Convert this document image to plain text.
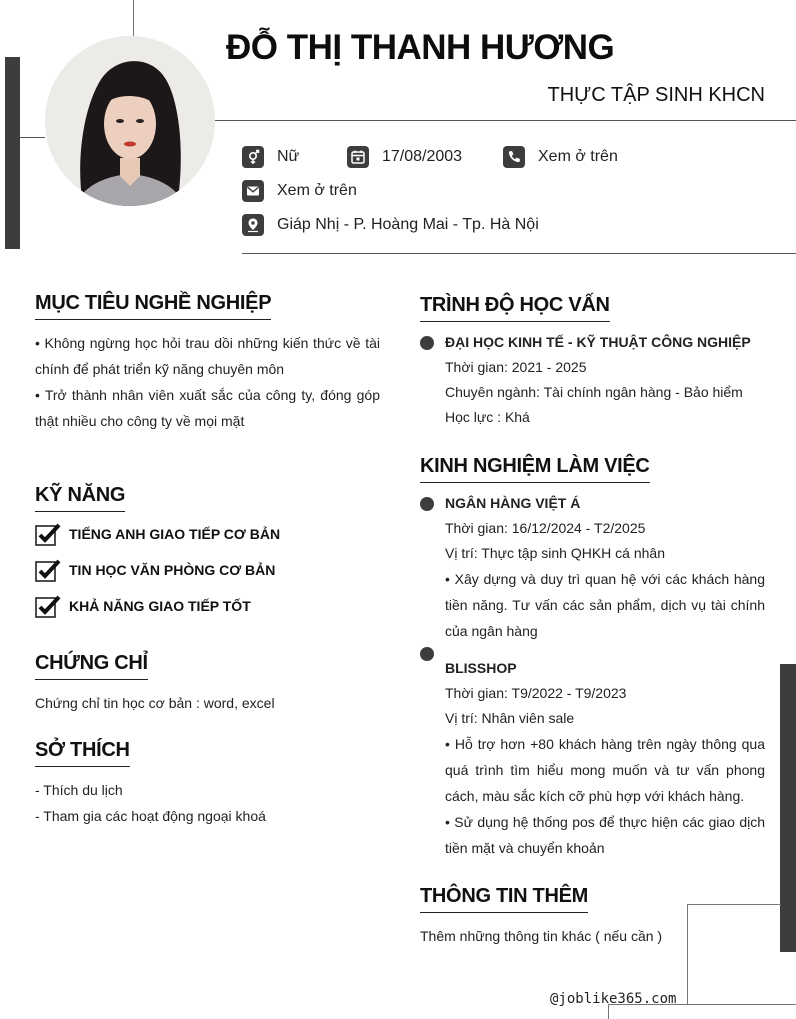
ĐỖ THỊ THANH HƯƠNG
THỰC TẬP SINH KHCN
Nữ	17/08/2003	Xem ở trên
Xem ở trên
Giáp Nhị - P. Hoàng Mai - Tp. Hà Nội
MỤC TIÊU NGHỀ NGHIỆP
• Không ngừng học hỏi trau dồi những kiến thức về tài chính để phát triển kỹ năng chuyên môn
• Trở thành nhân viên xuất sắc của công ty, đóng góp thật nhiều cho công ty về mọi mặt
KỸ NĂNG
TIẾNG ANH GIAO TIẾP CƠ BẢN
TIN HỌC VĂN PHÒNG CƠ BẢN
KHẢ NĂNG GIAO TIẾP TỐT
CHỨNG CHỈ
Chứng chỉ tin học cơ bản : word, excel
SỞ THÍCH
- Thích du lịch
- Tham gia các hoạt động ngoại khoá
TRÌNH ĐỘ HỌC VẤN
ĐẠI HỌC KINH TẾ - KỸ THUẬT CÔNG NGHIỆP
Thời gian: 2021 - 2025
Chuyên ngành: Tài chính ngân hàng - Bảo hiểm
Học lực : Khá
KINH NGHIỆM LÀM VIỆC
NGÂN HÀNG VIỆT Á
Thời gian: 16/12/2024 - T2/2025
Vị trí: Thực tập sinh QHKH cá nhân
• Xây dựng và duy trì quan hệ với các khách hàng tiền năng. Tư vấn các sản phẩm, dịch vụ tài chính của ngân hàng
BLISSHOP
Thời gian: T9/2022 - T9/2023
Vị trí: Nhân viên sale
• Hỗ trợ hơn +80 khách hàng trên ngày thông qua quá trình tìm hiểu mong muốn và tư vấn phong cách, màu sắc kích cỡ phù hợp với khách hàng.
• Sử dụng hệ thống pos để thực hiện các giao dịch tiền mặt và chuyển khoản
THÔNG TIN THÊM
Thêm những thông tin khác ( nếu cần )
@joblike365.com
